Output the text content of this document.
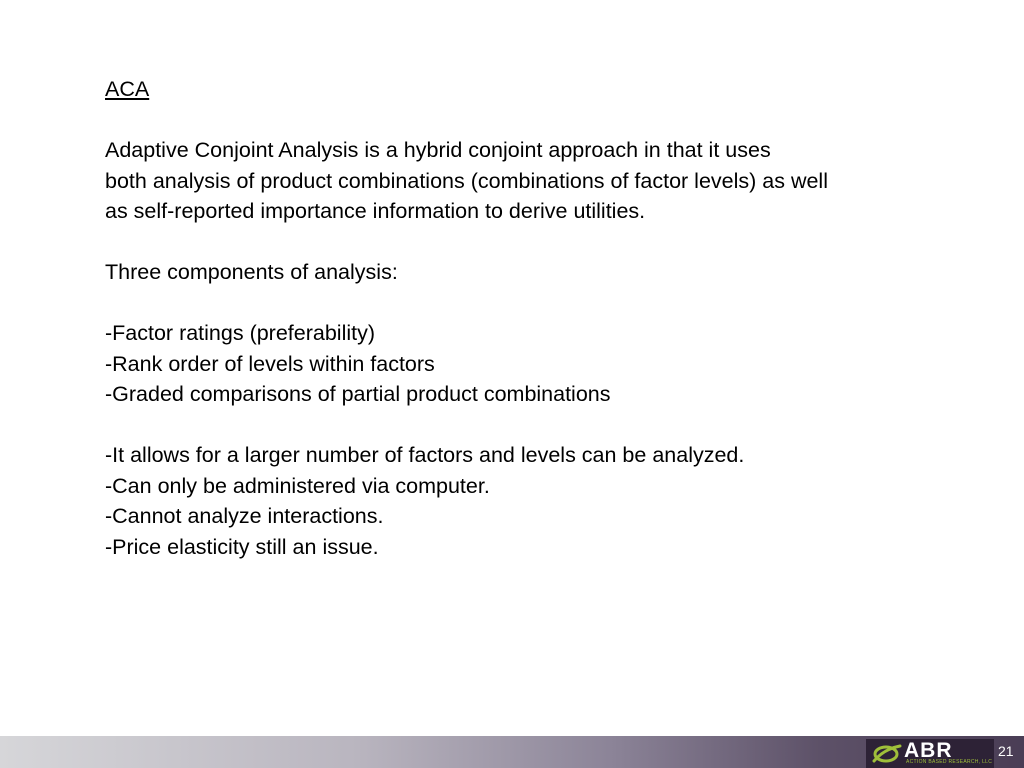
ACA
Adaptive Conjoint Analysis is a hybrid conjoint approach in that it uses
both analysis of product combinations (combinations of factor levels) as well
as self-reported importance information to derive utilities.
Three components of analysis:
-Factor ratings (preferability)
-Rank order of levels within factors
-Graded comparisons of partial product combinations
-It allows for a larger number of factors and levels can be analyzed.
-Can only be administered via computer.
-Cannot analyze interactions.
-Price elasticity still an issue.
ABR
ACTION BASED RESEARCH, LLC
21
